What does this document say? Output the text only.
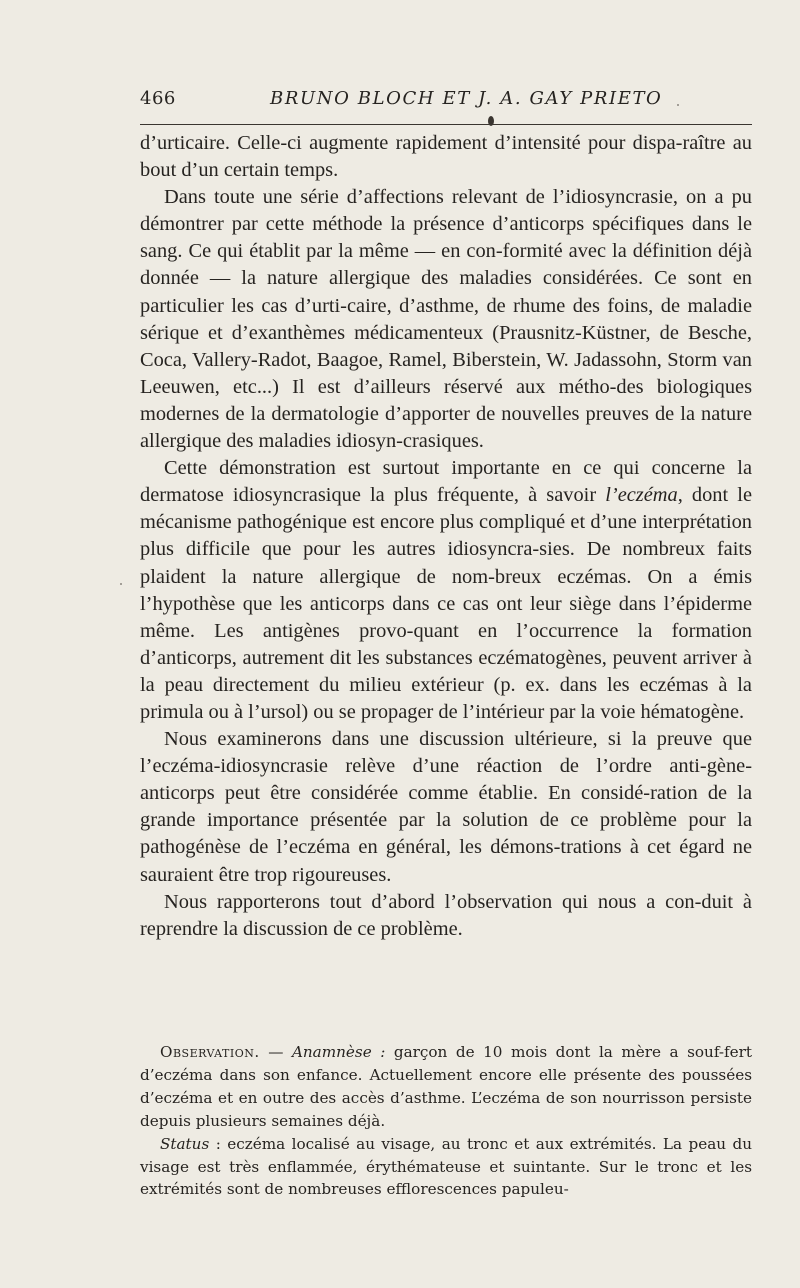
466	BRUNO BLOCH ET J. A. GAY PRIETO

d’urticaire. Celle-ci augmente rapidement d’intensité pour dispa-raître au bout d’un certain temps.

Dans toute une série d’affections relevant de l’idiosyncrasie, on a pu démontrer par cette méthode la présence d’anticorps spécifiques dans le sang. Ce qui établit par la même — en con-formité avec la définition déjà donnée — la nature allergique des maladies considérées. Ce sont en particulier les cas d’urti-caire, d’asthme, de rhume des foins, de maladie sérique et d’exanthèmes médicamenteux (Prausnitz-Küstner, de Besche, Coca, Vallery-Radot, Baagoe, Ramel, Biberstein, W. Jadassohn, Storm van Leeuwen, etc...) Il est d’ailleurs réservé aux métho-des biologiques modernes de la dermatologie d’apporter de nouvelles preuves de la nature allergique des maladies idiosyn-crasiques.

Cette démonstration est surtout importante en ce qui concerne la dermatose idiosyncrasique la plus fréquente, à savoir l’eczéma, dont le mécanisme pathogénique est encore plus compliqué et d’une interprétation plus difficile que pour les autres idiosyncra-sies. De nombreux faits plaident la nature allergique de nom-breux eczémas. On a émis l’hypothèse que les anticorps dans ce cas ont leur siège dans l’épiderme même. Les antigènes provo-quant en l’occurrence la formation d’anticorps, autrement dit les substances eczématogènes, peuvent arriver à la peau directement du milieu extérieur (p. ex. dans les eczémas à la primula ou à l’ursol) ou se propager de l’intérieur par la voie hématogène.

Nous examinerons dans une discussion ultérieure, si la preuve que l’eczéma-idiosyncrasie relève d’une réaction de l’ordre anti-gène-anticorps peut être considérée comme établie. En considé-ration de la grande importance présentée par la solution de ce problème pour la pathogénèse de l’eczéma en général, les démons-trations à cet égard ne sauraient être trop rigoureuses.

Nous rapporterons tout d’abord l’observation qui nous a con-duit à reprendre la discussion de ce problème.

Observation. — Anamnèse : garçon de 10 mois dont la mère a souf-fert d’eczéma dans son enfance. Actuellement encore elle présente des poussées d’eczéma et en outre des accès d’asthme. L’eczéma de son nourrisson persiste depuis plusieurs semaines déjà.

Status : eczéma localisé au visage, au tronc et aux extrémités. La peau du visage est très enflammée, érythémateuse et suintante. Sur le tronc et les extrémités sont de nombreuses efflorescences papuleu-
